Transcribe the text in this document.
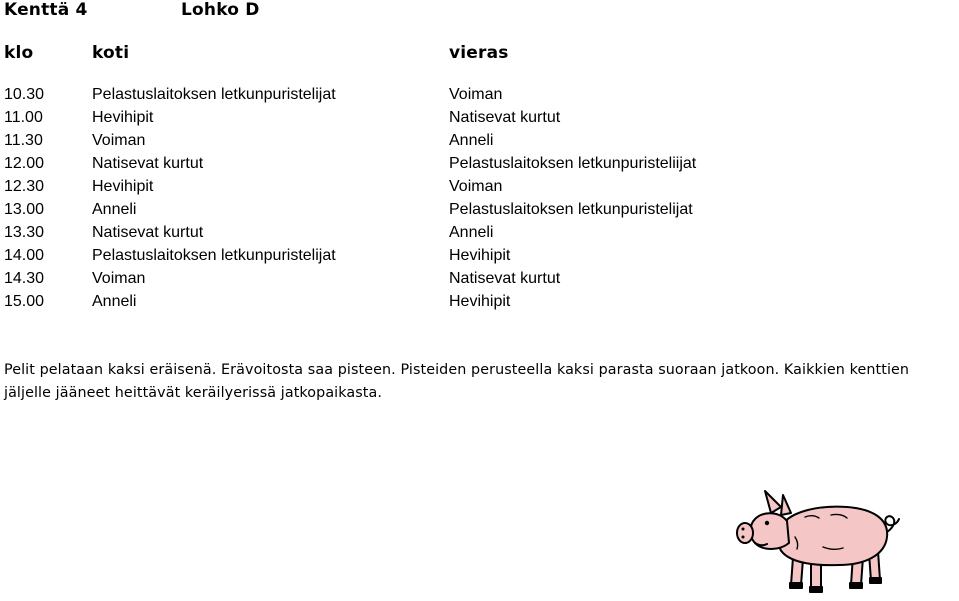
Kenttä 4	Lohko D
klo	koti	vieras
10.30	Pelastuslaitoksen letkunpuristelijat	Voiman
11.00	Hevihipit	Natisevat kurtut
11.30	Voiman	Anneli
12.00	Natisevat kurtut	Pelastuslaitoksen letkunpuristeliijat
12.30	Hevihipit	Voiman
13.00	Anneli	Pelastuslaitoksen letkunpuristelijat
13.30	Natisevat kurtut	Anneli
14.00	Pelastuslaitoksen letkunpuristelijat	Hevihipit
14.30	Voiman	Natisevat kurtut
15.00	Anneli	Hevihipit
Pelit pelataan kaksi eräisenä. Erävoitosta saa pisteen. Pisteiden perusteella kaksi parasta suoraan jatkoon. Kaikkien kenttien
jäljelle jääneet heittävät keräilyerissä jatkopaikasta.
